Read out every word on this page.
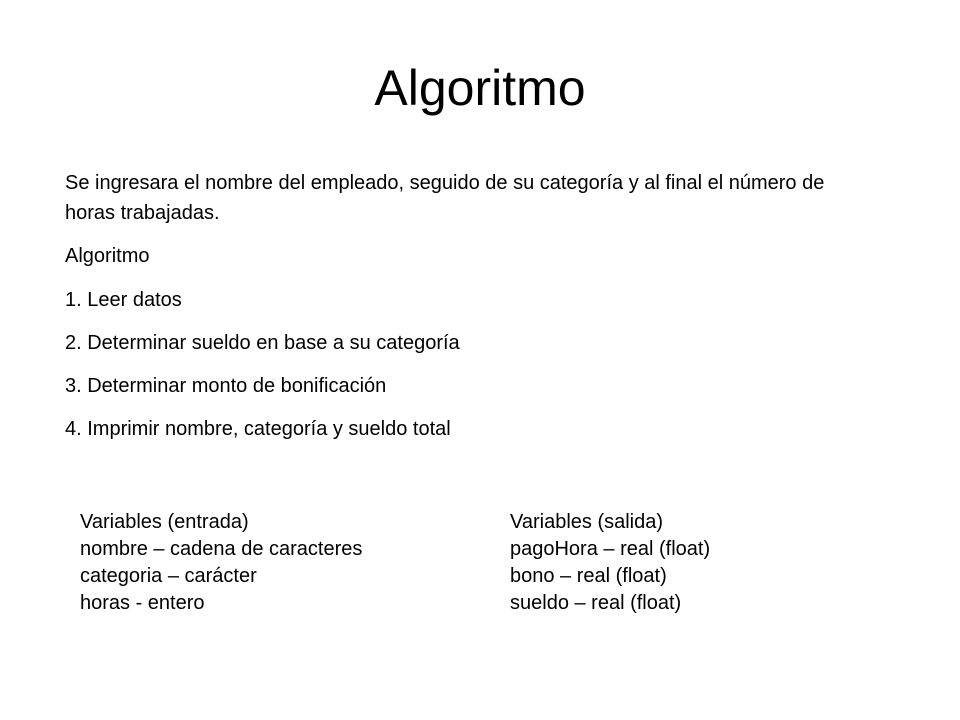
Algoritmo
Se ingresara el nombre del empleado, seguido de su categoría y al final el número de horas trabajadas.
Algoritmo
1. Leer datos
2. Determinar sueldo en base a su categoría
3. Determinar monto de bonificación
4. Imprimir nombre, categoría y sueldo total
Variables (entrada)
nombre – cadena de caracteres
categoria – carácter
horas - entero
Variables (salida)
pagoHora – real (float)
bono – real (float)
sueldo – real (float)
